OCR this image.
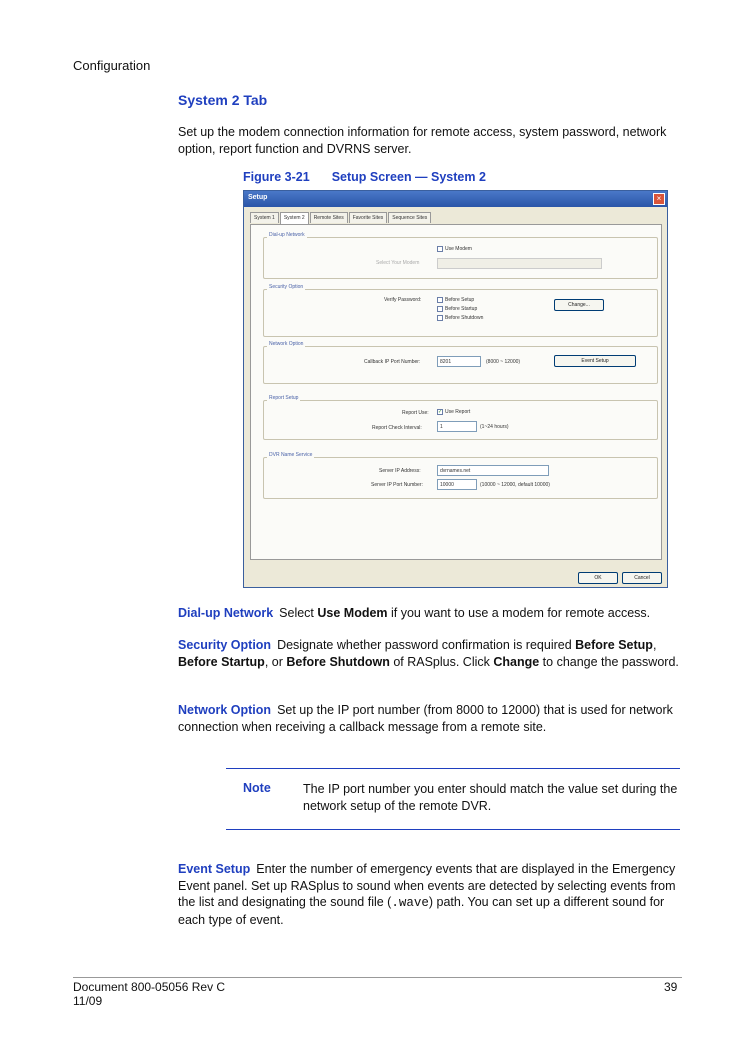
Configuration
System 2 Tab
Set up the modem connection information for remote access, system password, network option, report function and DVRNS server.
Figure 3-21 Setup Screen — System 2
Setup	×
System 1	System 2	Remote Sites	Favorite Sites	Sequence Sites
Dial-up Network
Use Modem
Select Your Modem
Security Option
Verify Password:	Before Setup
Before Startup
Before Shutdown
Change...
Network Option
Callback IP Port Number:	8201	(8000 ~ 12000)	Event Setup
Report Setup
Report Use: ✓ Use Report
Report Check Interval:	1	(1~24 hours)
DVR Name Service
Server IP Address:	dvrnames.net
Server IP Port Number:	10000	(10000 ~ 12000, default 10000)
OK	Cancel
Dial-up Network Select Use Modem if you want to use a modem for remote access.
Security Option Designate whether password confirmation is required Before Setup, Before Startup, or Before Shutdown of RASplus. Click Change to change the password.
Network Option Set up the IP port number (from 8000 to 12000) that is used for network connection when receiving a callback message from a remote site.
Note	The IP port number you enter should match the value set during the network setup of the remote DVR.
Event Setup Enter the number of emergency events that are displayed in the Emergency Event panel. Set up RASplus to sound when events are detected by selecting events from the list and designating the sound file (.wave) path. You can set up a different sound for each type of event.
Document 800-05056 Rev C
11/09
39
